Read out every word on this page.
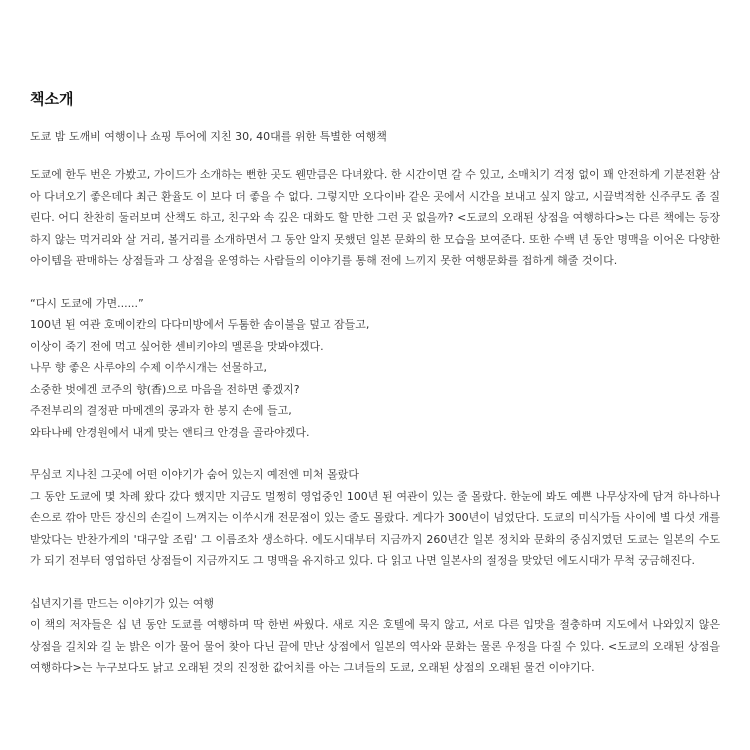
책소개
도쿄 밤 도깨비 여행이나 쇼핑 투어에 지친 30, 40대를 위한 특별한 여행책

도쿄에 한두 번은 가봤고, 가이드가 소개하는 뻔한 곳도 웬만큼은 다녀왔다. 한 시간이면 갈 수 있고, 소매치기 걱정 없이 꽤 안전하게 기분전환 삼아 다녀오기 좋은데다 최근 환율도 이 보다 더 좋을 수 없다. 그렇지만 오다이바 같은 곳에서 시간을 보내고 싶지 않고, 시끌벅적한 신주쿠도 좀 질린다. 어디 찬찬히 둘러보며 산책도 하고, 친구와 속 깊은 대화도 할 만한 그런 곳 없을까? <도쿄의 오래된 상점을 여행하다>는 다른 책에는 등장하지 않는 먹거리와 살 거리, 볼거리를 소개하면서 그 동안 알지 못했던 일본 문화의 한 모습을 보여준다. 또한 수백 년 동안 명맥을 이어온 다양한 아이템을 판매하는 상점들과 그 상점을 운영하는 사람들의 이야기를 통해 전에 느끼지 못한 여행문화를 접하게 해줄 것이다.

“다시 도쿄에 가면......”
100년 된 여관 호메이칸의 다다미방에서 두툼한 솜이불을 덮고 잠들고,
이상이 죽기 전에 먹고 싶어한 센비키야의 멜론을 맛봐야겠다.
나무 향 좋은 사루야의 수제 이쑤시개는 선물하고,
소중한 벗에겐 코주의 향(香)으로 마음을 전하면 좋겠지?
주전부리의 결정판 마메겐의 콩과자 한 봉지 손에 들고,
와타나베 안경원에서 내게 맞는 앤티크 안경을 골라야겠다.
무심코 지나친 그곳에 어떤 이야기가 숨어 있는지 예전엔 미처 몰랐다

그 동안 도쿄에 몇 차례 왔다 갔다 했지만 지금도 멀쩡히 영업중인 100년 된 여관이 있는 줄 몰랐다. 한눈에 봐도 예쁜 나무상자에 담겨 하나하나 손으로 깎아 만든 장신의 손길이 느껴지는 이쑤시개 전문점이 있는 줄도 몰랐다. 게다가 300년이 넘었단다. 도쿄의 미식가들 사이에 별 다섯 개를 받았다는 반찬가게의 '대구알 조림' 그 이름조차 생소하다. 에도시대부터 지금까지 260년간 일본 정치와 문화의 중심지였던 도쿄는 일본의 수도가 되기 전부터 영업하던 상점들이 지금까지도 그 명맥을 유지하고 있다. 다 읽고 나면 일본사의 절정을 맞았던 에도시대가 무척 궁금해진다.

십년지기를 만드는 이야기가 있는 여행

이 책의 저자들은 십 년 동안 도쿄를 여행하며 딱 한번 싸웠다. 새로 지은 호텔에 묵지 않고, 서로 다른 입맛을 절충하며 지도에서 나와있지 않은 상점을 길치와 길 눈 밝은 이가 물어 물어 찾아 다닌 끝에 만난 상점에서 일본의 역사와 문화는 물론 우정을 다질 수 있다. <도쿄의 오래된 상점을 여행하다>는 누구보다도 낡고 오래된 것의 진정한 값어치를 아는 그녀들의 도쿄, 오래된 상점의 오래된 물건 이야기다.
